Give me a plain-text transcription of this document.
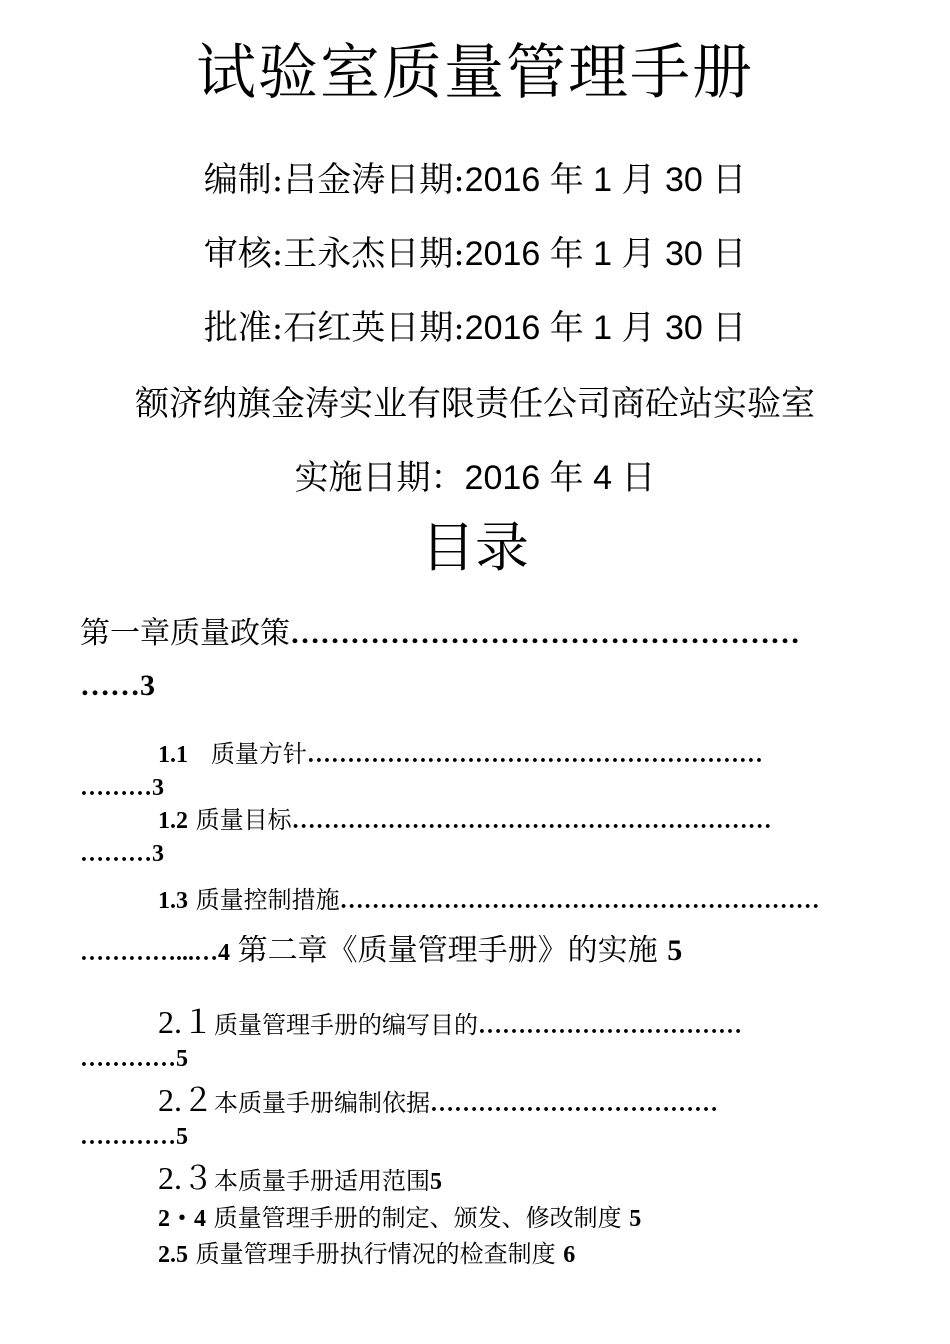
试验室质量管理手册
编制:吕金涛日期:2016 年 1 月 30 日
审核:王永杰日期:2016 年 1 月 30 日
批准:石红英日期:2016 年 1 月 30 日
额济纳旗金涛实业有限责任公司商砼站实验室
实施日期：2016 年 4 日
目录
第一章质量政策……………………………………………
……3
1.1 质量方针…………………………………………………
………3
1.2 质量目标……………………………………………………
………3
1.3 质量控制措施……………………………………………………
…………...…4 第二章《质量管理手册》的实施 5
2.１质量管理手册的编写目的……………………………
…………5
2.２本质量手册编制依据………………………………
…………5
2.３本质量手册适用范围5
2・4 质量管理手册的制定、颁发、修改制度 5
2.5 质量管理手册执行情况的检查制度 6
